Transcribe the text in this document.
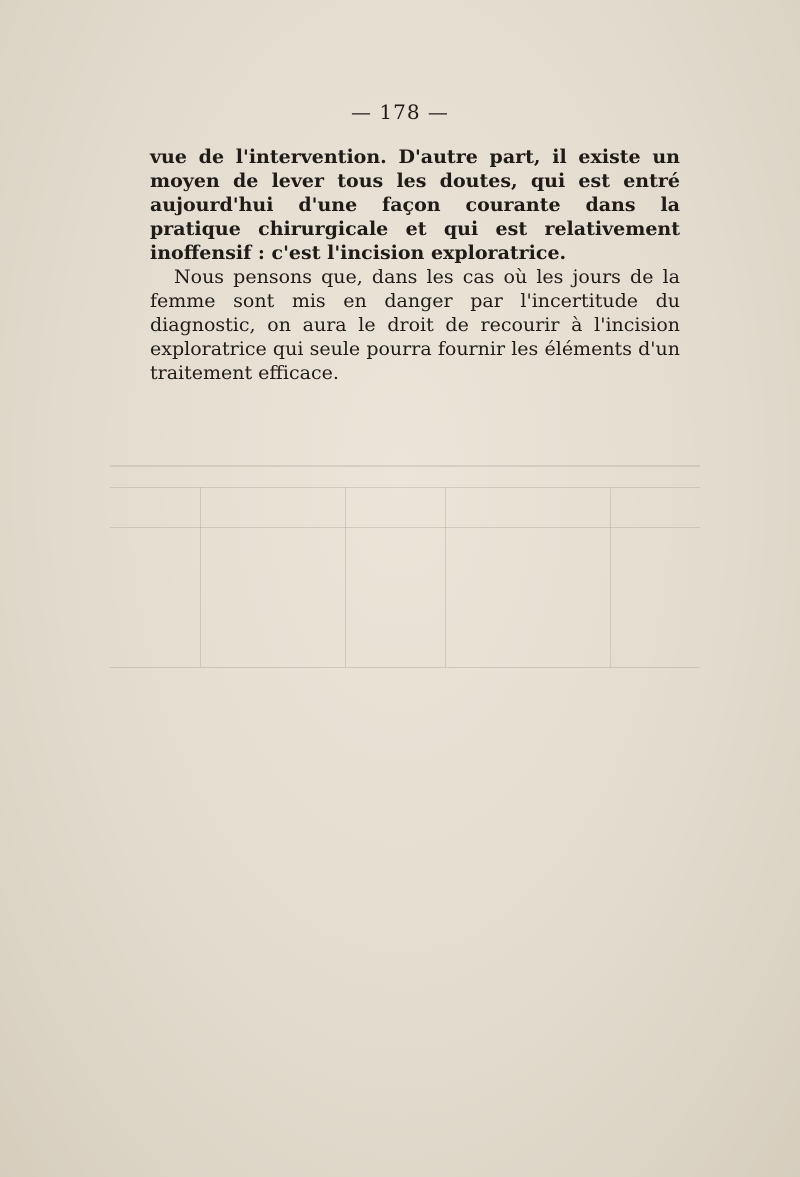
— 178 —

vue de l'intervention. D'autre part, il existe un moyen de lever tous les doutes, qui est entré aujourd'hui d'une façon courante dans la pratique chirurgicale et qui est relativement inoffensif : c'est l'incision exploratrice.

Nous pensons que, dans les cas où les jours de la femme sont mis en danger par l'incertitude du diagnostic, on aura le droit de recourir à l'incision exploratrice qui seule pourra fournir les éléments d'un traitement efficace.
